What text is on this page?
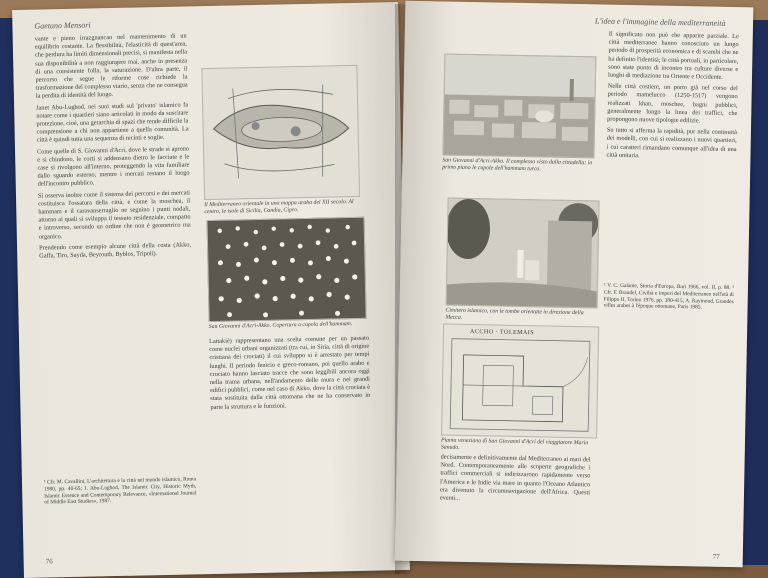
Gaetano Mensori

vante e pieno irrazgnancao nel mantenimento di un equilibrio costante. La flessibilità, l'elasticità di quest'area, che perdura ha limiti dimensionali precisi, si manifesta nella sua disponibilità a non raggiungere mai, anche in presenza di una consistente folla, la saturazione. D'altra parte, il percorso che segue le riforme cose richiede la trasformazione del complesso viario, senza che ne consegua la perdita di identità del luogo.

Janet Abu-Lughod, nei suoi studi sul 'privato' islamico fa notare come i quartieri siano articolati in modo da suscitare protezione, cioè, una gerarchia di spazi che rende difficile la comprensione a chi non appartiene a quella comunità. La città è quindi tutta una sequenza di recinti e soglie.

Come quelle di S. Giovanni d'Acri, dove le strade si aprono e si chiudono, le corti si addensano dietro le facciate e le case si rivolgono all'interno, proteggendo la vita familiare dallo sguardo esterno, mentre i mercati restano il luogo dell'incontro pubblico.

Si osserva inoltre come il sistema dei percorsi e dei mercati costituisca l'ossatura della città, e come la moschea, il hammam e il caravanserraglio ne segnino i punti nodali, attorno ai quali si sviluppa il tessuto residenziale, compatto e introverso, secondo un ordine che non è geometrico ma organico.

Prendendo come esempio alcune città della costa (Akko, Gaffa, Tiro, Sayda, Beyrouth, Byblos, Tripoli).

¹ Cfr. M. Cavallini, L'architettura e la città nel mondo islamico, Roma 1980, pp. 40-65; J. Abu-Lughod, The Islamic City, Historic Myth, Islamic Essence and Contemporary Relevance, «International Journal of Middle East Studies», 1987.
Il Mediterraneo orientale in una mappa araba del XII secolo. Al centro, le isole di Sicilia, Candia, Cipro.
San Giovanni d'Acri-Akko. Copertura a cupola dell'hammam.
Lattakiè) rappresentano una scelta comune per un passato come nuclei urbani organizzati (tra cui, in Siria, città di origine cristiana dei crociati) il cui sviluppo si è arrestato per tempi lunghi. Il periodo fenicio e greco-romano, poi quello arabo e crociato hanno lasciato tracce che sono leggibili ancora oggi nella trama urbana, nell'andamento delle mura e nei grandi edifici pubblici, come nel caso di Akko, dove la città crociata è stata sostituita dalla città ottomana che ne ha conservato in parte la struttura e le funzioni.
76
L'idea e l'immagine della mediterraneità
San Giovanni d'Acri-Akko. Il complesso visto dalla cittadella; in primo piano le cupole dell'hammam turco.
Cimitero islamico, con le tombe orientate in direzione della Mecca.
ACCHO · TOLEMAIS
Pianta veneziana di San Giovanni d'Acri del viaggiatore Marin Sanudo.
decisamente e definitivamente dal Mediterraneo ai mari del Nord. Contemporaneamente alle scoperte geografiche i traffici commerciali si indirizzarono rapidamente verso l'America e le Indie via mare in quanto l'Oceano Atlantico era divenuto la circumnavigazione dell'Africa. Questi eventi...

Il significato non può che apparire parziale. Le città mediterranee hanno conosciuto un lungo periodo di prosperità economica e di scambi che ne ha definito l'identità; le città portuali, in particolare, sono state punto di incontro tra culture diverse e luoghi di mediazione tra Oriente e Occidente.

Nelle città costiere, un porto già nel corso del periodo mamelucco (1250-1517) vengono realizzati khan, moschee, bagni pubblici, generalmente lungo la linea dei traffici, che propongono nuove tipologie edilizie.

Su tutto si afferma la rapidità, pur nella continuità dei modelli, con cui si realizzano i nuovi quartieri, i cui caratteri rimandano comunque all'idea di una città unitaria.

¹ V. C. Galante, Storia d'Europa, Bari 1966, vol. II, p. 88. ² Cfr. F. Braudel, Civiltà e imperi del Mediterraneo nell'età di Filippo II, Torino 1976, pp. 380-415; A. Raymond, Grandes villes arabes à l'époque ottomane, Paris 1985.
77
